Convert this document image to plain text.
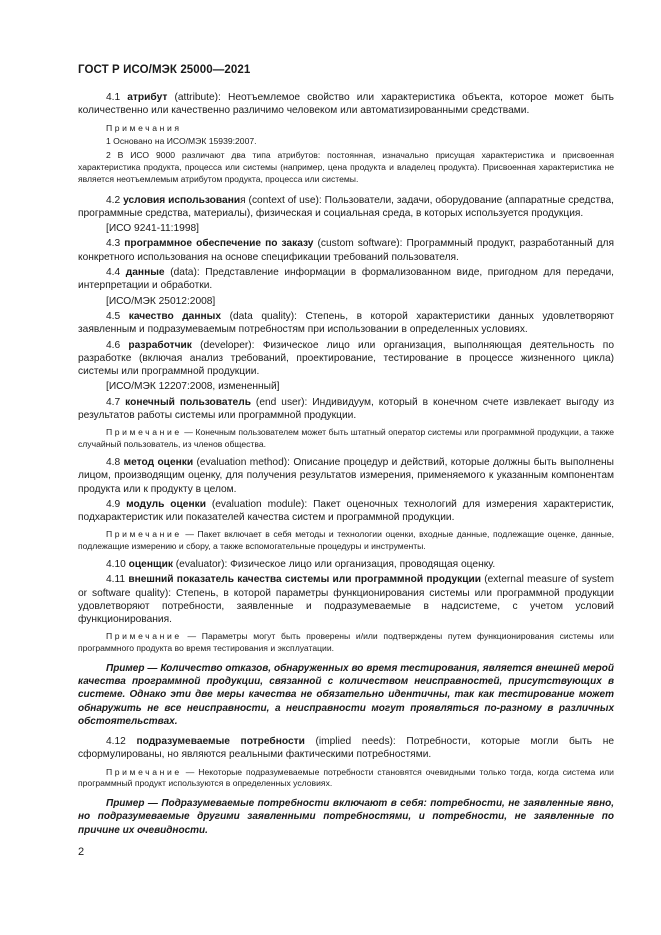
ГОСТ Р ИСО/МЭК 25000—2021

4.1 атрибут (attribute): Неотъемлемое свойство или характеристика объекта, которое может быть количественно или качественно различимо человеком или автоматизированными средствами.

Примечания

1 Основано на ИСО/МЭК 15939:2007.

2 В ИСО 9000 различают два типа атрибутов: постоянная, изначально присущая характеристика и присвоенная характеристика продукта, процесса или системы (например, цена продукта и владелец продукта). Присвоенная характеристика не является неотъемлемым атрибутом продукта, процесса или системы.

4.2 условия использования (context of use): Пользователи, задачи, оборудование (аппаратные средства, программные средства, материалы), физическая и социальная среда, в которых используется продукция.

[ИСО 9241-11:1998]

4.3 программное обеспечение по заказу (custom software): Программный продукт, разработанный для конкретного использования на основе спецификации требований пользователя.

4.4 данные (data): Представление информации в формализованном виде, пригодном для передачи, интерпретации и обработки.

[ИСО/МЭК 25012:2008]

4.5 качество данных (data quality): Степень, в которой характеристики данных удовлетворяют заявленным и подразумеваемым потребностям при использовании в определенных условиях.

4.6 разработчик (developer): Физическое лицо или организация, выполняющая деятельность по разработке (включая анализ требований, проектирование, тестирование в процессе жизненного цикла) системы или программной продукции.

[ИСО/МЭК 12207:2008, измененный]

4.7 конечный пользователь (end user): Индивидуум, который в конечном счете извлекает выгоду из результатов работы системы или программной продукции.

Примечание — Конечным пользователем может быть штатный оператор системы или программной продукции, а также случайный пользователь, из членов общества.

4.8 метод оценки (evaluation method): Описание процедур и действий, которые должны быть выполнены лицом, производящим оценку, для получения результатов измерения, применяемого к указанным компонентам продукта или к продукту в целом.

4.9 модуль оценки (evaluation module): Пакет оценочных технологий для измерения характеристик, подхарактеристик или показателей качества систем и программной продукции.

Примечание — Пакет включает в себя методы и технологии оценки, входные данные, подлежащие оценке, данные, подлежащие измерению и сбору, а также вспомогательные процедуры и инструменты.

4.10 оценщик (evaluator): Физическое лицо или организация, проводящая оценку.

4.11 внешний показатель качества системы или программной продукции (external measure of system or software quality): Степень, в которой параметры функционирования системы или программной продукции удовлетворяют потребности, заявленные и подразумеваемые в надсистеме, с учетом условий функционирования.

Примечание — Параметры могут быть проверены и/или подтверждены путем функционирования системы или программного продукта во время тестирования и эксплуатации.

Пример — Количество отказов, обнаруженных во время тестирования, является внешней мерой качества программной продукции, связанной с количеством неисправностей, присутствующих в системе. Однако эти две меры качества не обязательно идентичны, так как тестирование может обнаружить не все неисправности, а неисправности могут проявляться по-разному в различных обстоятельствах.

4.12 подразумеваемые потребности (implied needs): Потребности, которые могли быть не сформулированы, но являются реальными фактическими потребностями.

Примечание — Некоторые подразумеваемые потребности становятся очевидными только тогда, когда система или программный продукт используются в определенных условиях.

Пример — Подразумеваемые потребности включают в себя: потребности, не заявленные явно, но подразумеваемые другими заявленными потребностями, и потребности, не заявленные по причине их очевидности.

2
